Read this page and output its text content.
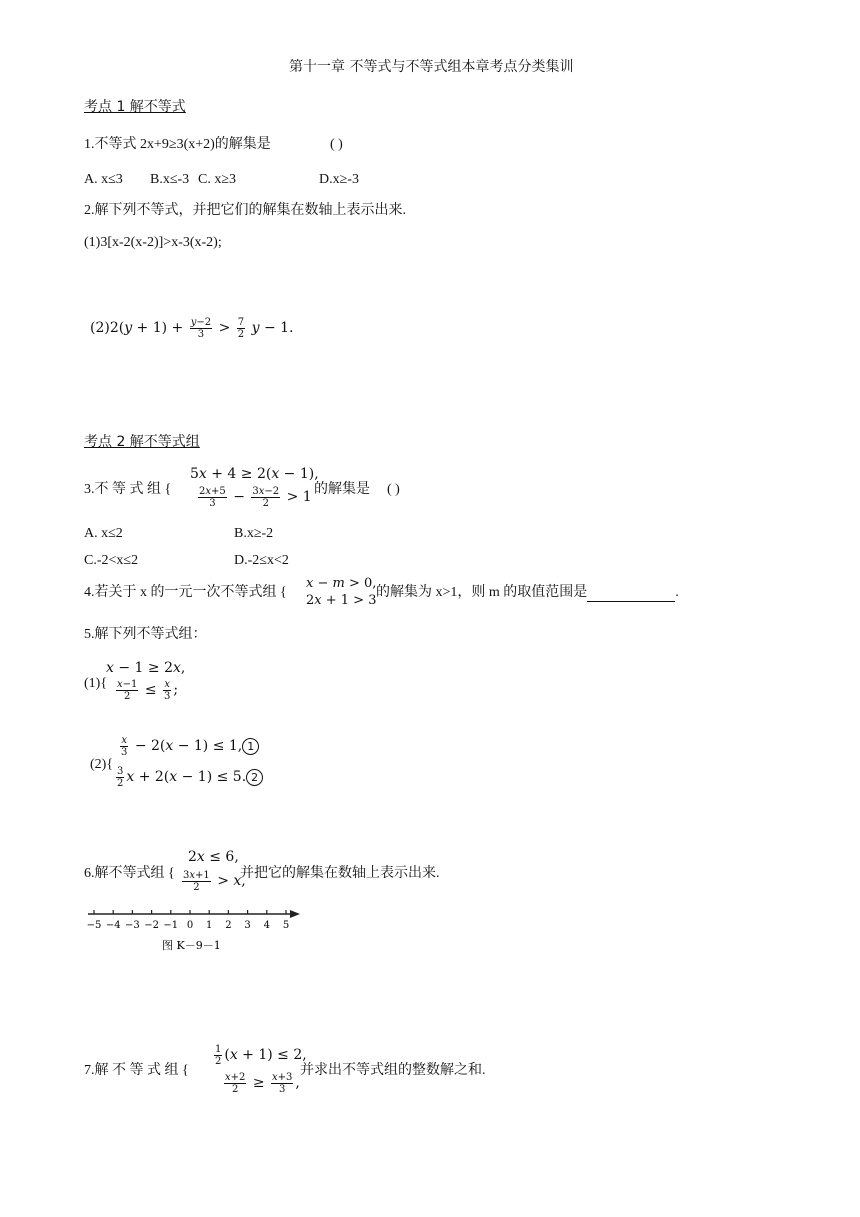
第十一章 不等式与不等式组本章考点分类集训
考点 1 解不等式
1.不等式 2x+9≥3(x+2)的解集是	( )
A. x≤3 B.x≤-3 C. x≥3	D.x≥-3
2.解下列不等式，并把它们的解集在数轴上表示出来.
(1)3[x-2(x-2)]>x-3(x-2);
(2)2(𝑦 + 1) + 𝑦−2
3	> $\frac{7}{2}$ 𝑦 − 1.
考点 2 解不等式组
5𝑥 + 4 ≥ 2(𝑥 − 1),
3.不 等 式 组 {	2𝑥+5
3	− 3𝑥−2
2	> 1 的解集是 ( )
A. x≤2	B.x≥-2
C.-2<x≤2	D.-2≤x<2
4.若关于 x 的一元一次不等式组 {
𝑥 − 𝑚 > 0,
2𝑥 + 1 > 3
的解集为 x>1，则 m 的取值范围是	.
5.解下列不等式组：
𝑥 − 1 ≥ 2𝑥,
(1){ 𝑥−1
2	≤ 𝑥
3 ;
𝑥
3 − 2(𝑥 − 1) ≤ 1, 1
(2){
$\frac{3}{2}$ 𝑥 + 2(𝑥 − 1) ≤ 5. 2
2𝑥 ≤ 6,
6.解不等式组 { 3𝑥+1
2	> 𝑥,
并把它的解集在数轴上表示出来.
−5 −4 −3 −2 −1 0 1 2 3 4 5
图 K－9－1
$\frac{1}{2}$ (𝑥 + 1) ≤ 2,
7.解 不 等 式 组 {	𝑥+2
2	≥ 𝑥+3
3 ,
并求出不等式组的整数解之和.
